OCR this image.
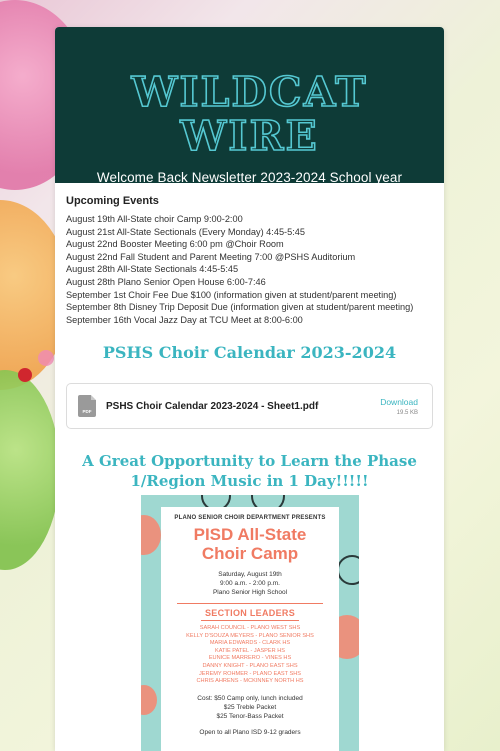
WILDCAT WIRE
Welcome Back Newsletter 2023-2024 School year
Upcoming Events
August 19th All-State choir Camp 9:00-2:00
August 21st All-State Sectionals (Every Monday) 4:45-5:45
August 22nd Booster Meeting 6:00 pm @Choir Room
August 22nd Fall Student and Parent Meeting 7:00 @PSHS Auditorium
August 28th All-State Sectionals 4:45-5:45
August 28th Plano Senior Open House 6:00-7:46
September 1st Choir Fee Due $100 (information given at student/parent meeting)
September 8th Disney Trip Deposit Due (information given at student/parent meeting)
September 16th Vocal Jazz Day at TCU Meet at 8:00-6:00
PSHS Choir Calendar 2023-2024
PDF PSHS Choir Calendar 2023-2024 - Sheet1.pdf	Download
19.5 KB
A Great Opportunity to Learn the Phase 1/Region Music in 1 Day!!!!!
PLANO SENIOR CHOIR DEPARTMENT PRESENTS
PISD All-State
Choir Camp
Saturday, August 19th
9:00 a.m. - 2:00 p.m.
Plano Senior High School
SECTION LEADERS
SARAH COUNCIL - PLANO WEST SHS
KELLY D'SOUZA MEYERS - PLANO SENIOR SHS
MARIA EDWARDS - CLARK HS
KATIE PATEL - JASPER HS
EUNICE MARRERO - VINES HS
DANNY KNIGHT - PLANO EAST SHS
JEREMY ROHMER - PLANO EAST SHS
CHRIS AHRENS - MCKINNEY NORTH HS
Cost: $50 Camp only, lunch included
$25 Treble Packet
$25 Tenor-Bass Packet
Open to all Plano ISD 9-12 graders
